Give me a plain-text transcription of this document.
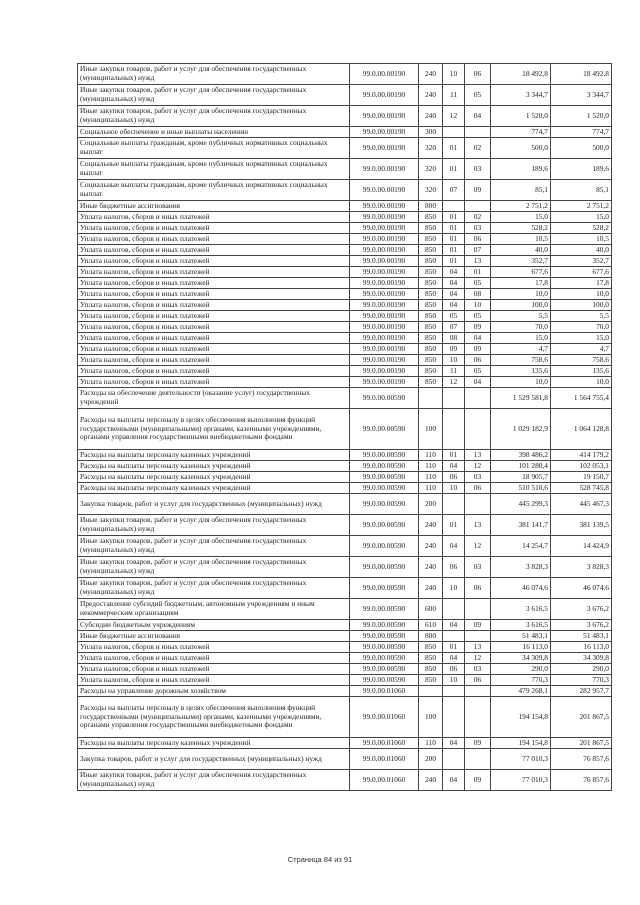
Иные закупки товаров, работ и услуг для обеспечения государственных (муниципальных) нужд	99.0.00.00190	240	10	06	18 492,8	18 492,8
Иные закупки товаров, работ и услуг для обеспечения государственных (муниципальных) нужд	99.0.00.00190	240	11	05	3 344,7	3 344,7
Иные закупки товаров, работ и услуг для обеспечения государственных (муниципальных) нужд	99.0.00.00190	240	12	04	1 520,0	1 520,0
Социальное обеспечение и иные выплаты населению	99.0.00.00190	300			774,7	774,7
Социальные выплаты гражданам, кроме публичных нормативных социальных выплат	99.0.00.00190	320	01	02	500,0	500,0
Социальные выплаты гражданам, кроме публичных нормативных социальных выплат	99.0.00.00190	320	01	03	189,6	189,6
Социальные выплаты гражданам, кроме публичных нормативных социальных выплат	99.0.00.00190	320	07	09	85,1	85,1
Иные бюджетные ассигнования	99.0.00.00190	800			2 751,2	2 751,2
Уплата налогов, сборов и иных платежей	99.0.00.00190	850	01	02	15,0	15,0
Уплата налогов, сборов и иных платежей	99.0.00.00190	850	01	03	528,2	528,2
Уплата налогов, сборов и иных платежей	99.0.00.00190	850	01	06	10,5	10,5
Уплата налогов, сборов и иных платежей	99.0.00.00190	850	01	07	40,0	40,0
Уплата налогов, сборов и иных платежей	99.0.00.00190	850	01	13	352,7	352,7
Уплата налогов, сборов и иных платежей	99.0.00.00190	850	04	01	677,6	677,6
Уплата налогов, сборов и иных платежей	99.0.00.00190	850	04	05	17,8	17,8
Уплата налогов, сборов и иных платежей	99.0.00.00190	850	04	08	10,0	10,0
Уплата налогов, сборов и иных платежей	99.0.00.00190	850	04	10	100,0	100,0
Уплата налогов, сборов и иных платежей	99.0.00.00190	850	05	05	5,5	5,5
Уплата налогов, сборов и иных платежей	99.0.00.00190	850	07	09	70,0	70,0
Уплата налогов, сборов и иных платежей	99.0.00.00190	850	08	04	15,0	15,0
Уплата налогов, сборов и иных платежей	99.0.00.00190	850	09	09	4,7	4,7
Уплата налогов, сборов и иных платежей	99.0.00.00190	850	10	06	758,6	758,6
Уплата налогов, сборов и иных платежей	99.0.00.00190	850	11	05	135,6	135,6
Уплата налогов, сборов и иных платежей	99.0.00.00190	850	12	04	10,0	10,0
Расходы на обеспечение деятельности (оказание услуг) государственных учреждений	99.0.00.00590				1 529 581,8	1 564 755,4
Расходы на выплаты персоналу в целях обеспечения выполнения функций государственными (муниципальными) органами, казенными учреждениями, органами управления государственными внебюджетными фондами	99.0.00.00590	100			1 029 182,9	1 064 128,8
Расходы на выплаты персоналу казенных учреждений	99.0.00.00590	110	01	13	398 486,2	414 179,2
Расходы на выплаты персоналу казенных учреждений	99.0.00.00590	110	04	12	101 280,4	102 053,1
Расходы на выплаты персоналу казенных учреждений	99.0.00.00590	110	06	03	18 905,7	19 150,7
Расходы на выплаты персоналу казенных учреждений	99.0.00.00590	110	10	06	510 510,6	528 745,8
Закупка товаров, работ и услуг для государственных (муниципальных) нужд	99.0.00.00590	200			445 299,3	445 467,3
Иные закупки товаров, работ и услуг для обеспечения государственных (муниципальных) нужд	99.0.00.00590	240	01	13	381 141,7	381 139,5
Иные закупки товаров, работ и услуг для обеспечения государственных (муниципальных) нужд	99.0.00.00590	240	04	12	14 254,7	14 424,9
Иные закупки товаров, работ и услуг для обеспечения государственных (муниципальных) нужд	99.0.00.00590	240	06	03	3 828,3	3 828,3
Иные закупки товаров, работ и услуг для обеспечения государственных (муниципальных) нужд	99.0.00.00590	240	10	06	46 074,6	46 074,6
Предоставление субсидий бюджетным, автономным учреждениям и иным некоммерческим организациям	99.0.00.00590	600			3 616,5	3 676,2
Субсидии бюджетным учреждениям	99.0.00.00590	610	04	09	3 616,5	3 676,2
Иные бюджетные ассигнования	99.0.00.00590	800			51 483,1	51 483,1
Уплата налогов, сборов и иных платежей	99.0.00.00590	850	01	13	16 113,0	16 113,0
Уплата налогов, сборов и иных платежей	99.0.00.00590	850	04	12	34 309,8	34 309,8
Уплата налогов, сборов и иных платежей	99.0.00.00590	850	06	03	290,0	290,0
Уплата налогов, сборов и иных платежей	99.0.00.00590	850	10	06	770,3	770,3
Расходы на управление дорожным хозяйством	99.0.00.01060				479 268,1	282 957,7
Расходы на выплаты персоналу в целях обеспечения выполнения функций государственными (муниципальными) органами, казенными учреждениями, органами управления государственными внебюджетными фондами	99.0.00.01060	100			194 154,8	201 867,5
Расходы на выплаты персоналу казенных учреждений	99.0.00.01060	110	04	09	194 154,8	201 867,5
Закупка товаров, работ и услуг для государственных (муниципальных) нужд	99.0.00.01060	200			77 010,3	76 857,6
Иные закупки товаров, работ и услуг для обеспечения государственных (муниципальных) нужд	99.0.00.01060	240	04	09	77 010,3	76 857,6
Страница 84 из 91
